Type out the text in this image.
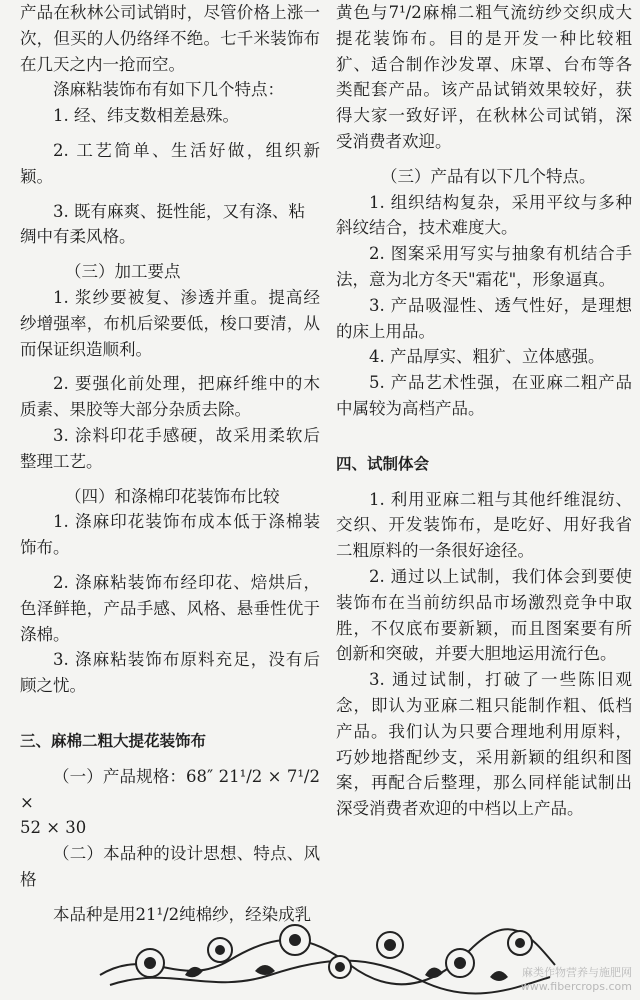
产品在秋林公司试销时，尽管价格上涨一次，但买的人仍络绎不绝。七千米装饰布在几天之内一抢而空。

涤麻粘装饰布有如下几个特点：

1. 经、纬支数相差悬殊。

2. 工艺简单、生活好做，组织新颖。

3. 既有麻爽、挺性能，又有涤、粘

绸中有柔风格。

（三）加工要点

1. 浆纱要被复、渗透并重。提高经纱增强率，布机后梁要低，梭口要清，从而保证织造顺利。

2. 要强化前处理，把麻纤维中的木质素、果胶等大部分杂质去除。

3. 涂料印花手感硬，故采用柔软后整理工艺。

（四）和涤棉印花装饰布比较

1. 涤麻印花装饰布成本低于涤棉装饰布。

2. 涤麻粘装饰布经印花、焙烘后，色泽鲜艳，产品手感、风格、悬垂性优于涤棉。

3. 涤麻粘装饰布原料充足，没有后顾之忧。

三、麻棉二粗大提花装饰布

（一）产品规格：68″ 21¹/2 × 7¹/2 ×

52 × 30

（二）本品种的设计思想、特点、风格

本品种是用21¹/2纯棉纱，经染成乳

黄色与7¹/2麻棉二粗气流纺纱交织成大提花装饰布。目的是开发一种比较粗犷、适合制作沙发罩、床罩、台布等各类配套产品。该产品试销效果较好，获得大家一致好评，在秋林公司试销，深受消费者欢迎。

（三）产品有以下几个特点。

1. 组织结构复杂，采用平纹与多种斜纹结合，技术难度大。

2. 图案采用写实与抽象有机结合手法，意为北方冬天"霜花"，形象逼真。

3. 产品吸湿性、透气性好，是理想的床上用品。

4. 产品厚实、粗犷、立体感强。

5. 产品艺术性强，在亚麻二粗产品中属较为高档产品。

四、试制体会

1. 利用亚麻二粗与其他纤维混纺、交织、开发装饰布，是吃好、用好我省二粗原料的一条很好途径。

2. 通过以上试制，我们体会到要使装饰布在当前纺织品市场激烈竞争中取胜，不仅底布要新颖，而且图案要有所创新和突破，并要大胆地运用流行色。

3. 通过试制，打破了一些陈旧观念，即认为亚麻二粗只能制作粗、低档产品。我们认为只要合理地利用原料，巧妙地搭配纱支，采用新颖的组织和图案，再配合后整理，那么同样能试制出深受消费者欢迎的中档以上产品。

麻类作物营养与施肥网
www.fibercrops.com
